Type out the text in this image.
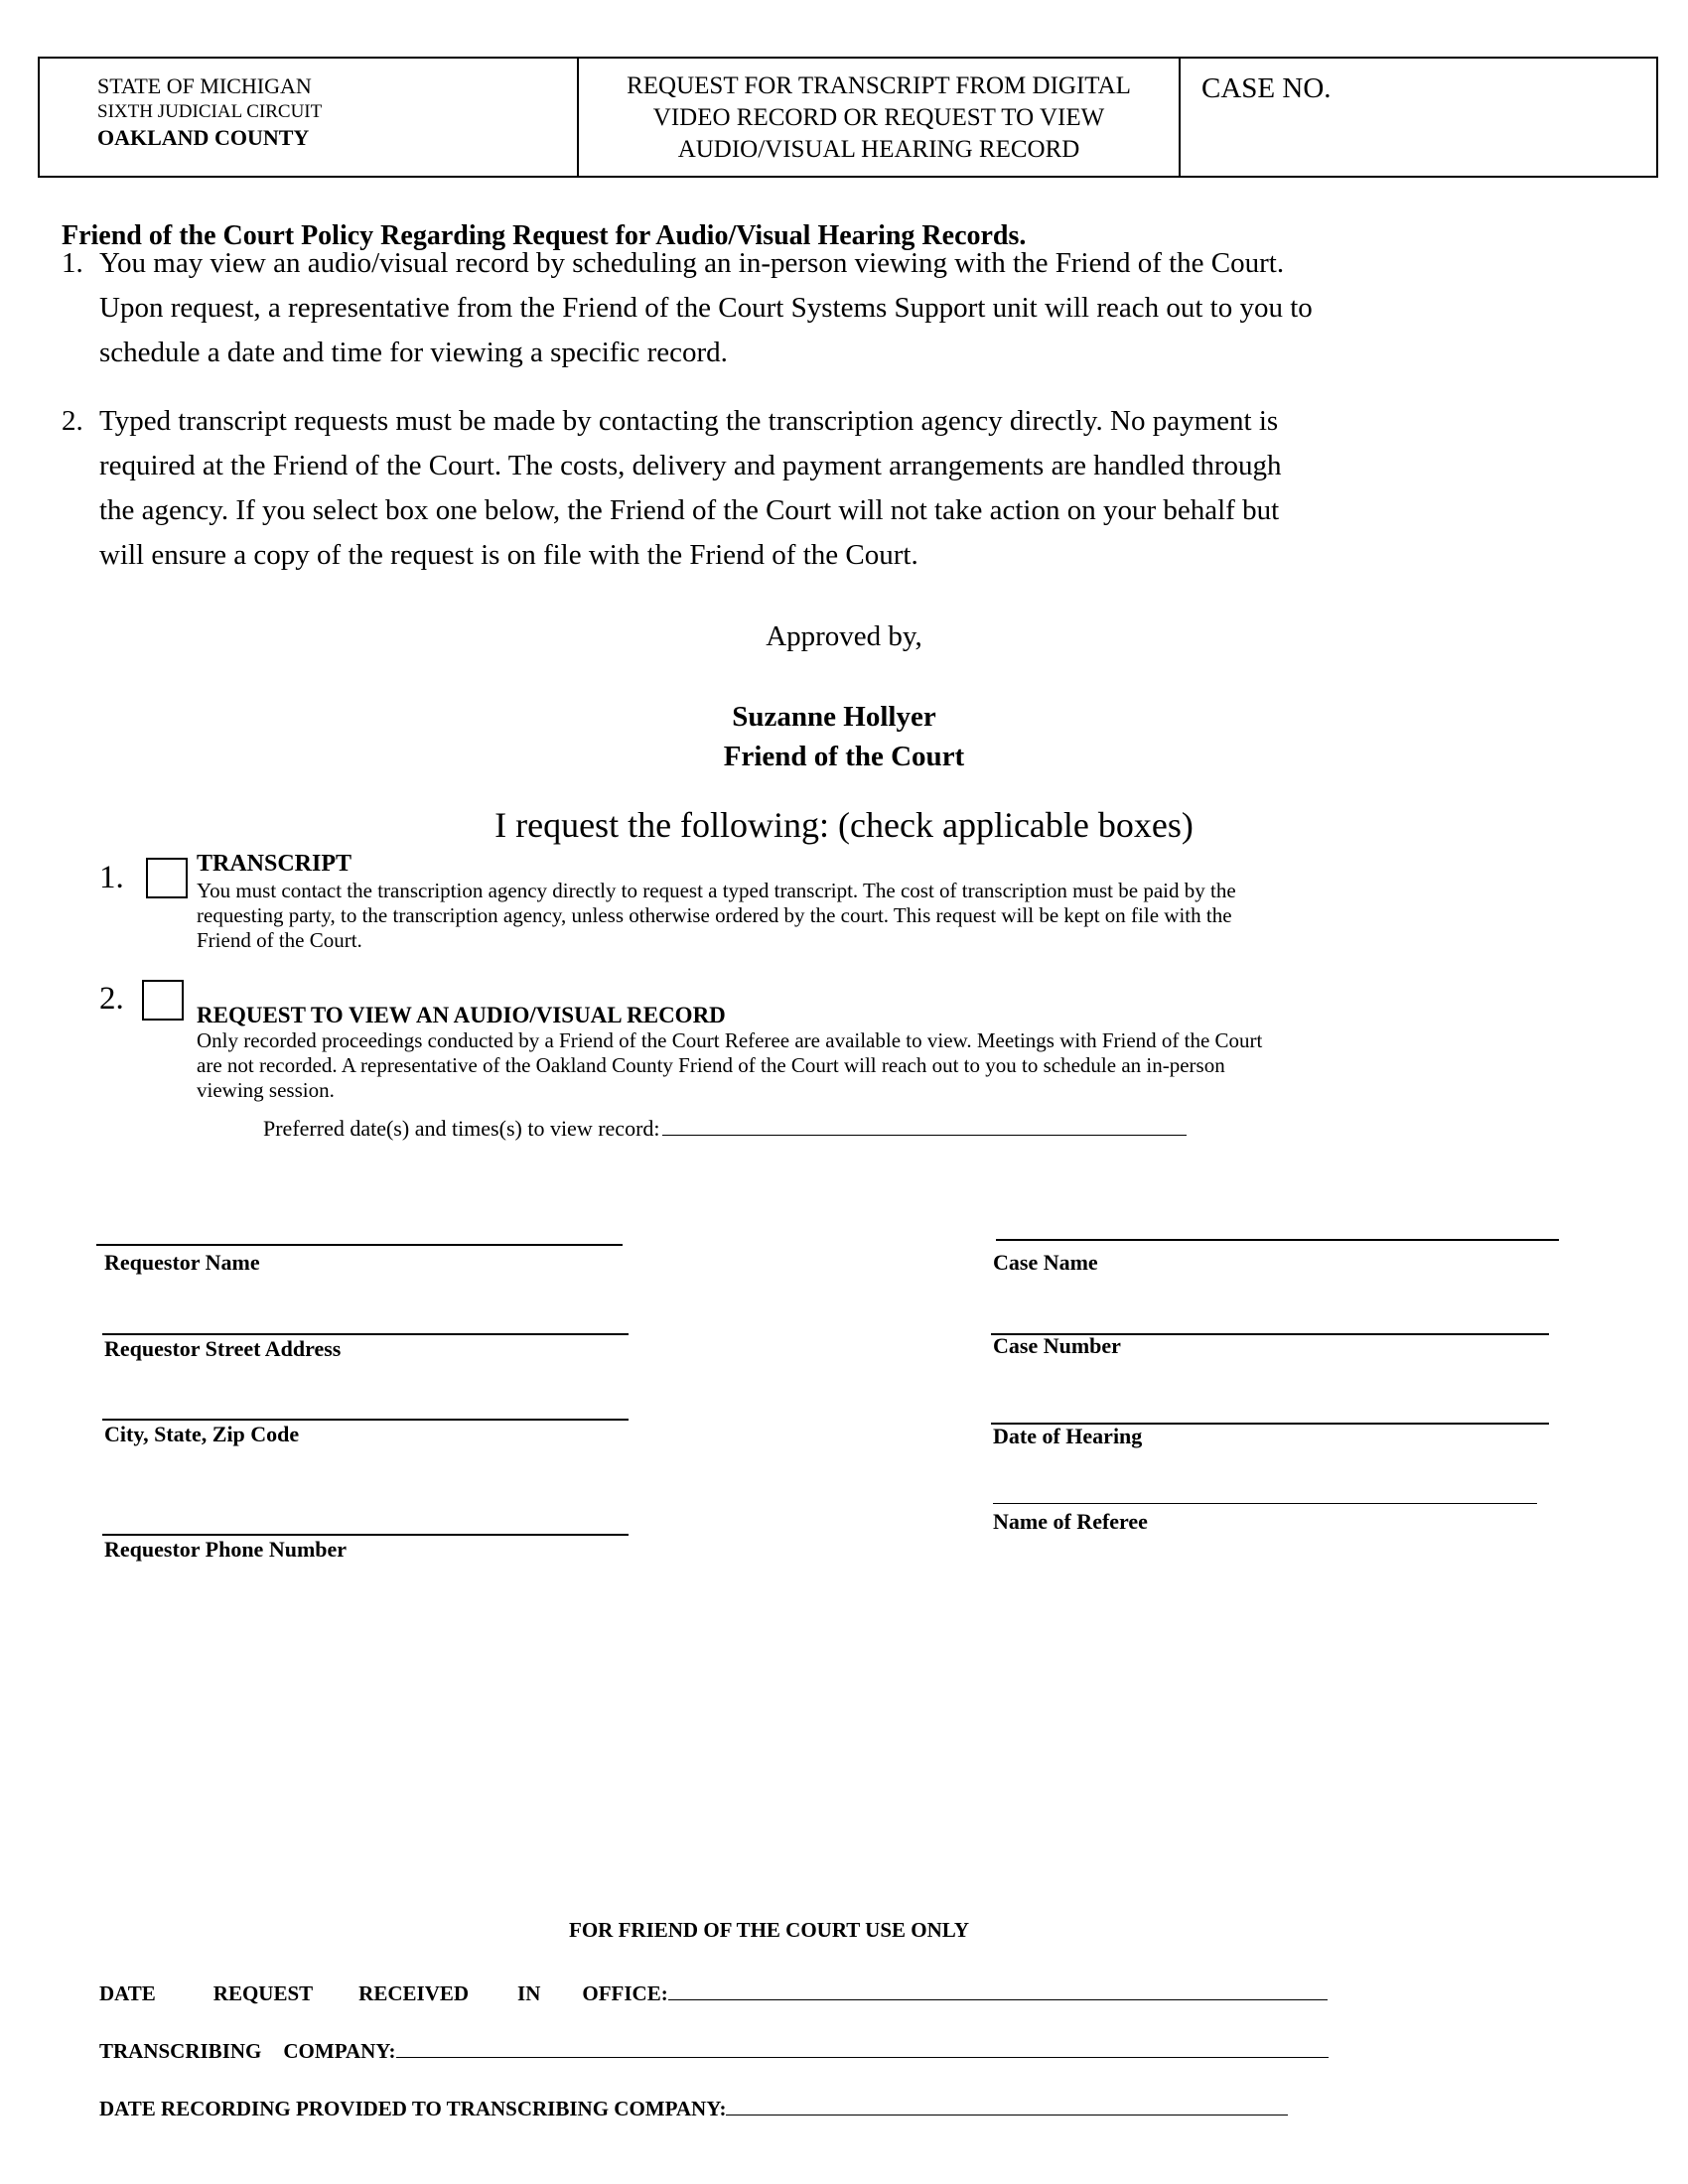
STATE OF MICHIGAN
SIXTH JUDICIAL CIRCUIT
OAKLAND COUNTY
REQUEST FOR TRANSCRIPT FROM DIGITAL
VIDEO RECORD OR REQUEST TO VIEW
AUDIO/VISUAL HEARING RECORD
CASE NO.
Friend of the Court Policy Regarding Request for Audio/Visual Hearing Records.
1. You may view an audio/visual record by scheduling an in-person viewing with the Friend of the Court.
Upon request, a representative from the Friend of the Court Systems Support unit will reach out to you to
schedule a date and time for viewing a specific record.
2. Typed transcript requests must be made by contacting the transcription agency directly. No payment is
required at the Friend of the Court. The costs, delivery and payment arrangements are handled through
the agency. If you select box one below, the Friend of the Court will not take action on your behalf but
will ensure a copy of the request is on file with the Friend of the Court.
Approved by,
Suzanne Hollyer
Friend of the Court
I request the following: (check applicable boxes)
1.	TRANSCRIPT
You must contact the transcription agency directly to request a typed transcript. The cost of transcription must be paid by the
requesting party, to the transcription agency, unless otherwise ordered by the court. This request will be kept on file with the
Friend of the Court.
2.	REQUEST TO VIEW AN AUDIO/VISUAL RECORD
Only recorded proceedings conducted by a Friend of the Court Referee are available to view. Meetings with Friend of the Court
are not recorded. A representative of the Oakland County Friend of the Court will reach out to you to schedule an in-person
viewing session.
Preferred date(s) and times(s) to view record:
Requestor Name
Requestor Street Address
City, State, Zip Code
Requestor Phone Number
Case Name
Case Number
Date of Hearing
Name of Referee
FOR FRIEND OF THE COURT USE ONLY
DATE	REQUEST RECEIVED IN OFFICE:
TRANSCRIBING COMPANY:
DATE RECORDING PROVIDED TO TRANSCRIBING COMPANY:
